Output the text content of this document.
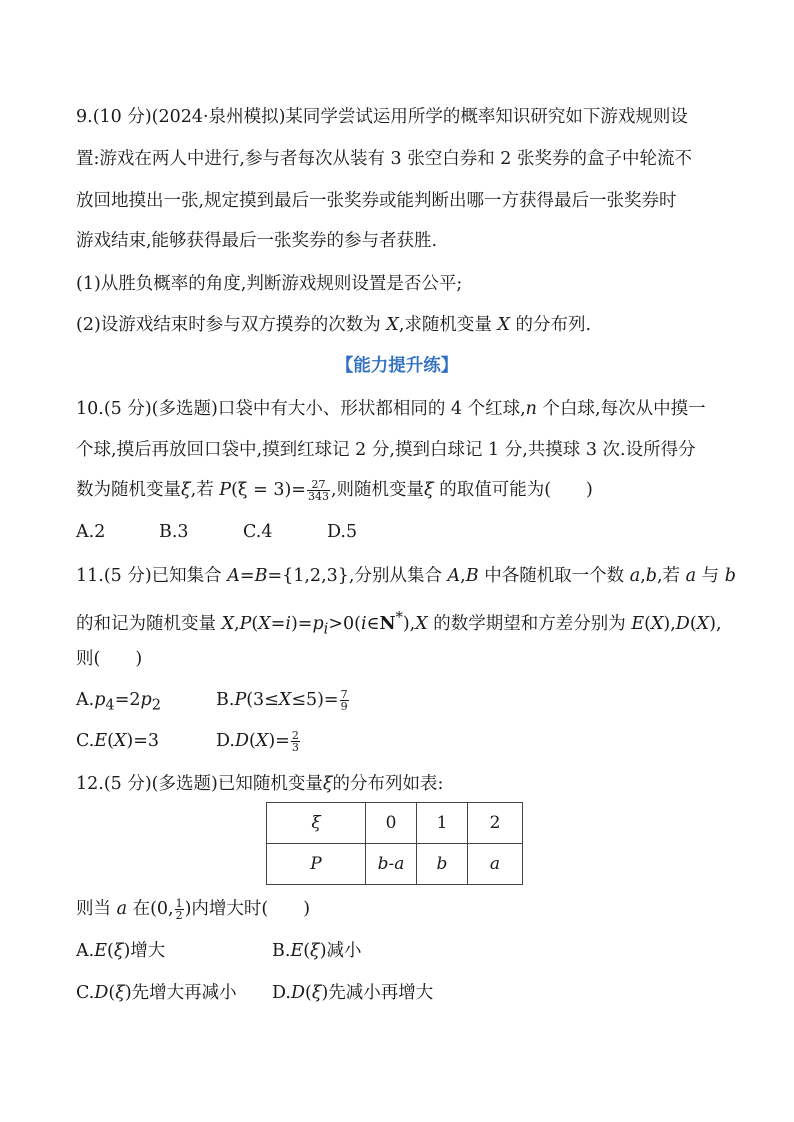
9.(10 分)(2024·泉州模拟)某同学尝试运用所学的概率知识研究如下游戏规则设
置:游戏在两人中进行,参与者每次从装有 3 张空白券和 2 张奖券的盒子中轮流不
放回地摸出一张,规定摸到最后一张奖券或能判断出哪一方获得最后一张奖券时
游戏结束,能够获得最后一张奖券的参与者获胜.
(1)从胜负概率的角度,判断游戏规则设置是否公平;
(2)设游戏结束时参与双方摸券的次数为 X,求随机变量 X 的分布列.
【能力提升练】
10.(5 分)(多选题)口袋中有大小、形状都相同的 4 个红球,n 个白球,每次从中摸一
个球,摸后再放回口袋中,摸到红球记 2 分,摸到白球记 1 分,共摸球 3 次.设所得分
数为随机变量ξ,若 $P(\xi = 3)= \frac{27}{343}$ ,则随机变量ξ 的取值可能为(　　)
A.2	B.3	C.4	D.5
11.(5 分)已知集合 A=B={1,2,3},分别从集合 A,B 中各随机取一个数 a,b,若 a 与 b
的和记为随机变量 $X,P(X=i)=p_i>0(i\in N^*),X$ 的数学期望和方差分别为 E(X),D(X),
则(　　)
$A.p_4=2p_2$	$B.P(3\le X\le 5)= \frac{7}{9}$
C.E(X)=3	$D.D(X)= \frac{2}{3}$
12.(5 分)(多选题)已知随机变量ξ的分布列如表:
ξ	0	1	2
P	b-a	b	a
则当 a 在(0, $\frac{1}{2}$ )内增大时(　　)
A.E(ξ)增大	B.E(ξ)减小
C.D(ξ)先增大再减小 D.D(ξ)先减小再增大
